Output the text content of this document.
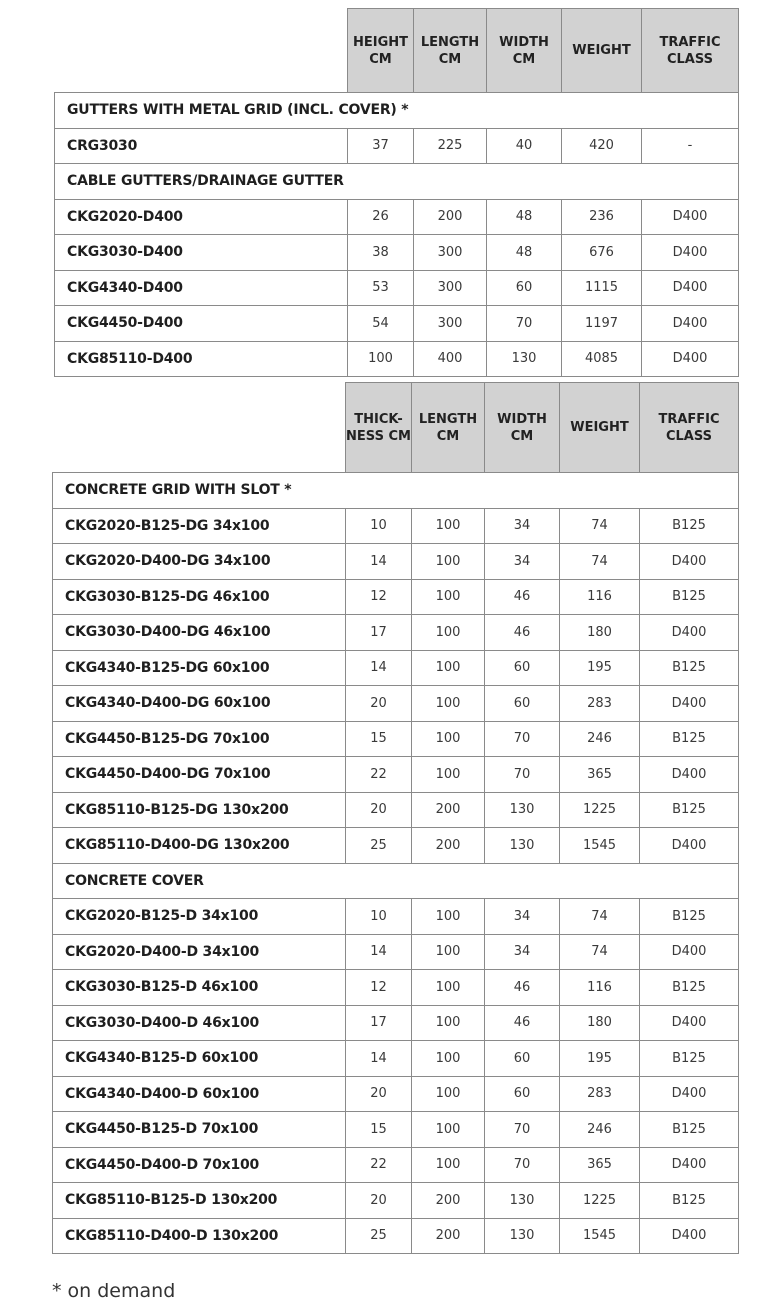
	HEIGHT CM	LENGTH CM	WIDTH CM	WEIGHT	TRAFFIC CLASS
GUTTERS WITH METAL GRID (INCL. COVER) *					
CRG3030	37	225	40	420	-
CABLE GUTTERS/DRAINAGE GUTTER					
CKG2020-D400	26	200	48	236	D400
CKG3030-D400	38	300	48	676	D400
CKG4340-D400	53	300	60	1115	D400
CKG4450-D400	54	300	70	1197	D400
CKG85110-D400	100	400	130	4085	D400
	THICK- NESS CM	LENGTH CM	WIDTH CM	WEIGHT	TRAFFIC CLASS
CONCRETE GRID WITH SLOT *					
CKG2020-B125-DG 34x100	10	100	34	74	B125
CKG2020-D400-DG 34x100	14	100	34	74	D400
CKG3030-B125-DG 46x100	12	100	46	116	B125
CKG3030-D400-DG 46x100	17	100	46	180	D400
CKG4340-B125-DG 60x100	14	100	60	195	B125
CKG4340-D400-DG 60x100	20	100	60	283	D400
CKG4450-B125-DG 70x100	15	100	70	246	B125
CKG4450-D400-DG 70x100	22	100	70	365	D400
CKG85110-B125-DG 130x200	20	200	130	1225	B125
CKG85110-D400-DG 130x200	25	200	130	1545	D400
CONCRETE COVER					
CKG2020-B125-D 34x100	10	100	34	74	B125
CKG2020-D400-D 34x100	14	100	34	74	D400
CKG3030-B125-D 46x100	12	100	46	116	B125
CKG3030-D400-D 46x100	17	100	46	180	D400
CKG4340-B125-D 60x100	14	100	60	195	B125
CKG4340-D400-D 60x100	20	100	60	283	D400
CKG4450-B125-D 70x100	15	100	70	246	B125
CKG4450-D400-D 70x100	22	100	70	365	D400
CKG85110-B125-D 130x200	20	200	130	1225	B125
CKG85110-D400-D 130x200	25	200	130	1545	D400
* on demand
